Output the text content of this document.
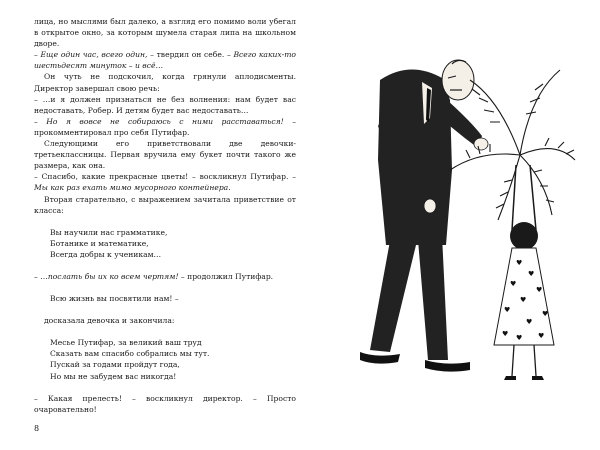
лица, но мыслями был далеко, а взгляд его помимо воли убегал в открытое окно, за которым шумела старая липа на школьном дворе.

– Еще один час, всего один, – твердил он себе. – Всего каких-то шестьдесят минуток – и всё…

Он чуть не подскочил, когда грянули аплодисменты. Директор завершал свою речь:

– …и я должен признаться не без волнения: нам будет вас недоставать, Робер. И детям будет вас недоставать…

– Но я вовсе не собираюсь с ними расставаться! – прокомментировал про себя Путифар.

Следующими его приветствовали две девочки-третьеклассницы. Первая вручила ему букет почти такого же размера, как она.

– Спасибо, какие прекрасные цветы! – воскликнул Путифар. – Мы как раз ехать мимо мусорного контейнера.

Вторая старательно, с выражением зачитала приветствие от класса:

Вы научили нас грамматике,
Ботанике и математике,
Всегда добры к ученикам…

– …послать бы их ко всем чертям! – продолжил Путифар.

Всю жизнь вы посвятили нам! –

досказала девочка и закончила:

Месье Путифар, за великий ваш труд
Сказать вам спасибо собрались мы тут.
Пускай за годами пройдут года,
Но мы не забудем вас никогда!

– Какая прелесть! – воскликнул директор. – Просто очаровательно!

8
♥
♥
♥
♥
♥
♥	♥
♥
♥	♥
♥
